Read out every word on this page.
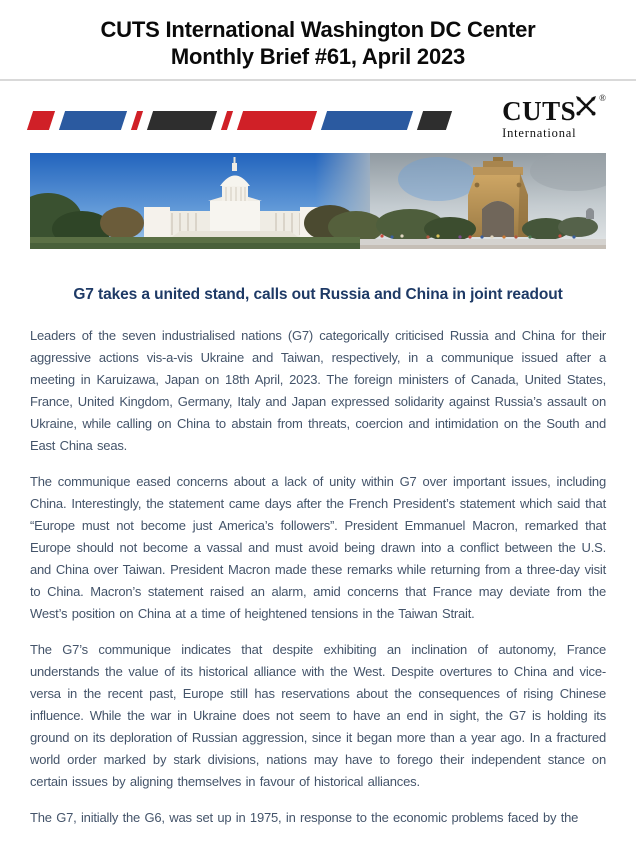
CUTS International Washington DC Center
Monthly Brief #61, April 2023
CUTS	®
International
G7 takes a united stand, calls out Russia and China in joint readout

Leaders of the seven industrialised nations (G7) categorically criticised Russia and China for their aggressive actions vis-a-vis Ukraine and Taiwan, respectively, in a communique issued after a meeting in Karuizawa, Japan on 18th April, 2023. The foreign ministers of Canada, United States, France, United Kingdom, Germany, Italy and Japan expressed solidarity against Russia’s assault on Ukraine, while calling on China to abstain from threats, coercion and intimidation on the South and East China seas.

The communique eased concerns about a lack of unity within G7 over important issues, including China. Interestingly, the statement came days after the French President’s statement which said that “Europe must not become just America’s followers”. President Emmanuel Macron, remarked that Europe should not become a vassal and must avoid being drawn into a conflict between the U.S. and China over Taiwan. President Macron made these remarks while returning from a three-day visit to China. Macron’s statement raised an alarm, amid concerns that France may deviate from the West’s position on China at a time of heightened tensions in the Taiwan Strait.

The G7’s communique indicates that despite exhibiting an inclination of autonomy, France understands the value of its historical alliance with the West. Despite overtures to China and vice-versa in the recent past, Europe still has reservations about the consequences of rising Chinese influence. While the war in Ukraine does not seem to have an end in sight, the G7 is holding its ground on its deploration of Russian aggression, since it began more than a year ago. In a fractured world order marked by stark divisions, nations may have to forego their independent stance on certain issues by aligning themselves in favour of historical alliances.

The G7, initially the G6, was set up in 1975, in response to the economic problems faced by the
